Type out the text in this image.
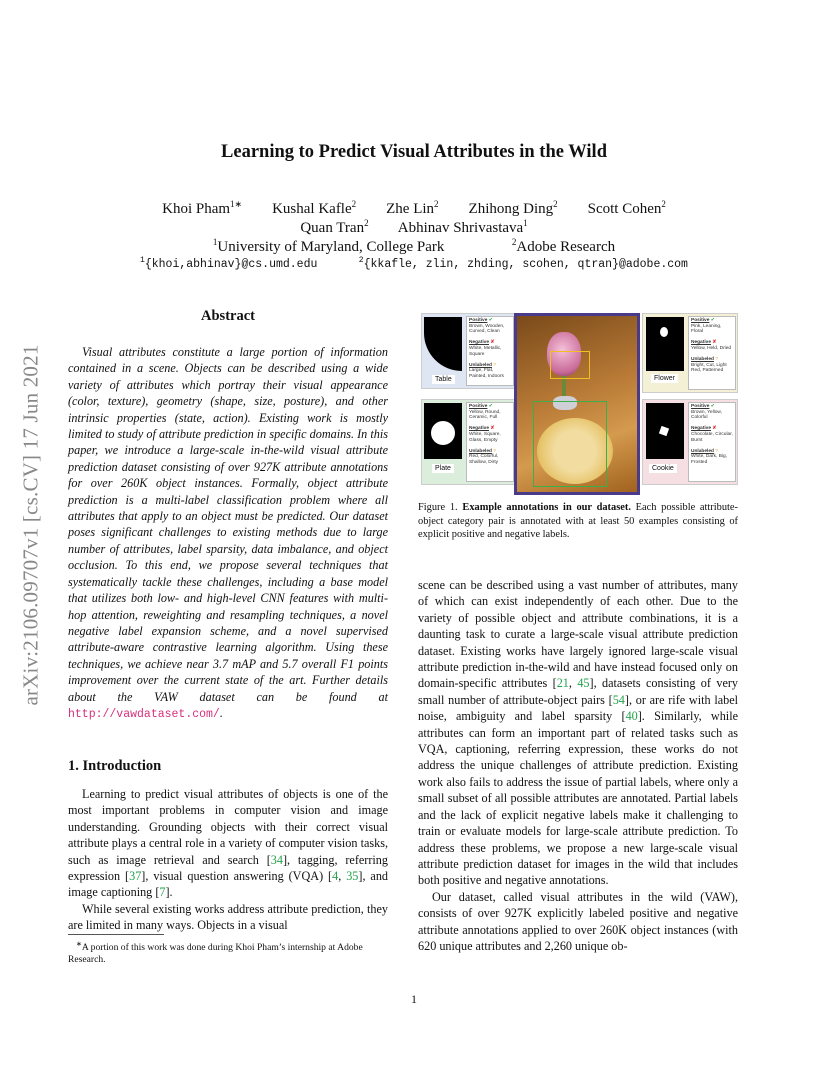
Learning to Predict Visual Attributes in the Wild
Khoi Pham$^{1∗}$ Kushal Kafle$^2$ Zhe Lin$^2$ Zhihong Ding$^2$ Scott Cohen$^2$
Quan Tran$^2$ Abhinav Shrivastava$^1$
$^1$University of Maryland, College Park	$^2$Adobe Research
$^1${khoi,abhinav}@cs.umd.edu	$^2${kkafle, zlin, zhding, scohen, qtran}@adobe.com
arXiv:2106.09707v1 [cs.CV] 17 Jun 2021
Abstract
Visual attributes constitute a large portion of information contained in a scene. Objects can be described using a wide variety of attributes which portray their visual appearance (color, texture), geometry (shape, size, posture), and other intrinsic properties (state, action). Existing work is mostly limited to study of attribute prediction in specific domains. In this paper, we introduce a large-scale in-the-wild visual attribute prediction dataset consisting of over 927K attribute annotations for over 260K object instances. Formally, object attribute prediction is a multi-label classification problem where all attributes that apply to an object must be predicted. Our dataset poses significant challenges to existing methods due to large number of attributes, label sparsity, data imbalance, and object occlusion. To this end, we propose several techniques that systematically tackle these challenges, including a base model that utilizes both low- and high-level CNN features with multi-hop attention, reweighting and resampling techniques, a novel negative label expansion scheme, and a novel supervised attribute-aware contrastive learning algorithm. Using these techniques, we achieve near 3.7 mAP and 5.7 overall F1 points improvement over the current state of the art. Further details about the VAW dataset can be found at http://vawdataset.com/.
1. Introduction

Learning to predict visual attributes of objects is one of the most important problems in computer vision and image understanding. Grounding objects with their correct visual attribute plays a central role in a variety of computer vision tasks, such as image retrieval and search [34], tagging, referring expression [37], visual question answering (VQA) [4, 35], and image captioning [7].

While several existing works address attribute prediction, they are limited in many ways. Objects in a visual

∗A portion of this work was done during Khoi Pham’s internship at Adobe Research.
Table
Positive ✔
Brown, Wooden, Curved, Clean

Negative ✘
White, Metallic, Square

Unlabeled ?
Large, Flat, Painted, Indoors
Plate
Positive ✔
Yellow, Round, Ceramic, Full

Negative ✘
White, Square, Glass, Empty

Unlabeled ?
Red, Colorful, Shallow, Dirty
Flower
Positive ✔
Pink, Leaning, Floral

Negative ✘
Yellow, Held, Dried

Unlabeled ?
Bright, Cut, Light Red, Patterned
Cookie
Positive ✔
Brown, Yellow, Colorful

Negative ✘
Chocolate, Circular, Burnt

Unlabeled ?
White, Dark, Big, Frosted
Figure 1. Example annotations in our dataset. Each possible attribute-object category pair is annotated with at least 50 examples consisting of explicit positive and negative labels.

scene can be described using a vast number of attributes, many of which can exist independently of each other. Due to the variety of possible object and attribute combinations, it is a daunting task to curate a large-scale visual attribute prediction dataset. Existing works have largely ignored large-scale visual attribute prediction in-the-wild and have instead focused only on domain-specific attributes [21, 45], datasets consisting of very small number of attribute-object pairs [54], or are rife with label noise, ambiguity and label sparsity [40]. Similarly, while attributes can form an important part of related tasks such as VQA, captioning, referring expression, these works do not address the unique challenges of attribute prediction. Existing work also fails to address the issue of partial labels, where only a small subset of all possible attributes are annotated. Partial labels and the lack of explicit negative labels make it challenging to train or evaluate models for large-scale attribute prediction. To address these problems, we propose a new large-scale visual attribute prediction dataset for images in the wild that includes both positive and negative annotations.

Our dataset, called visual attributes in the wild (VAW), consists of over 927K explicitly labeled positive and negative attribute annotations applied to over 260K object instances (with 620 unique attributes and 2,260 unique ob-

1
